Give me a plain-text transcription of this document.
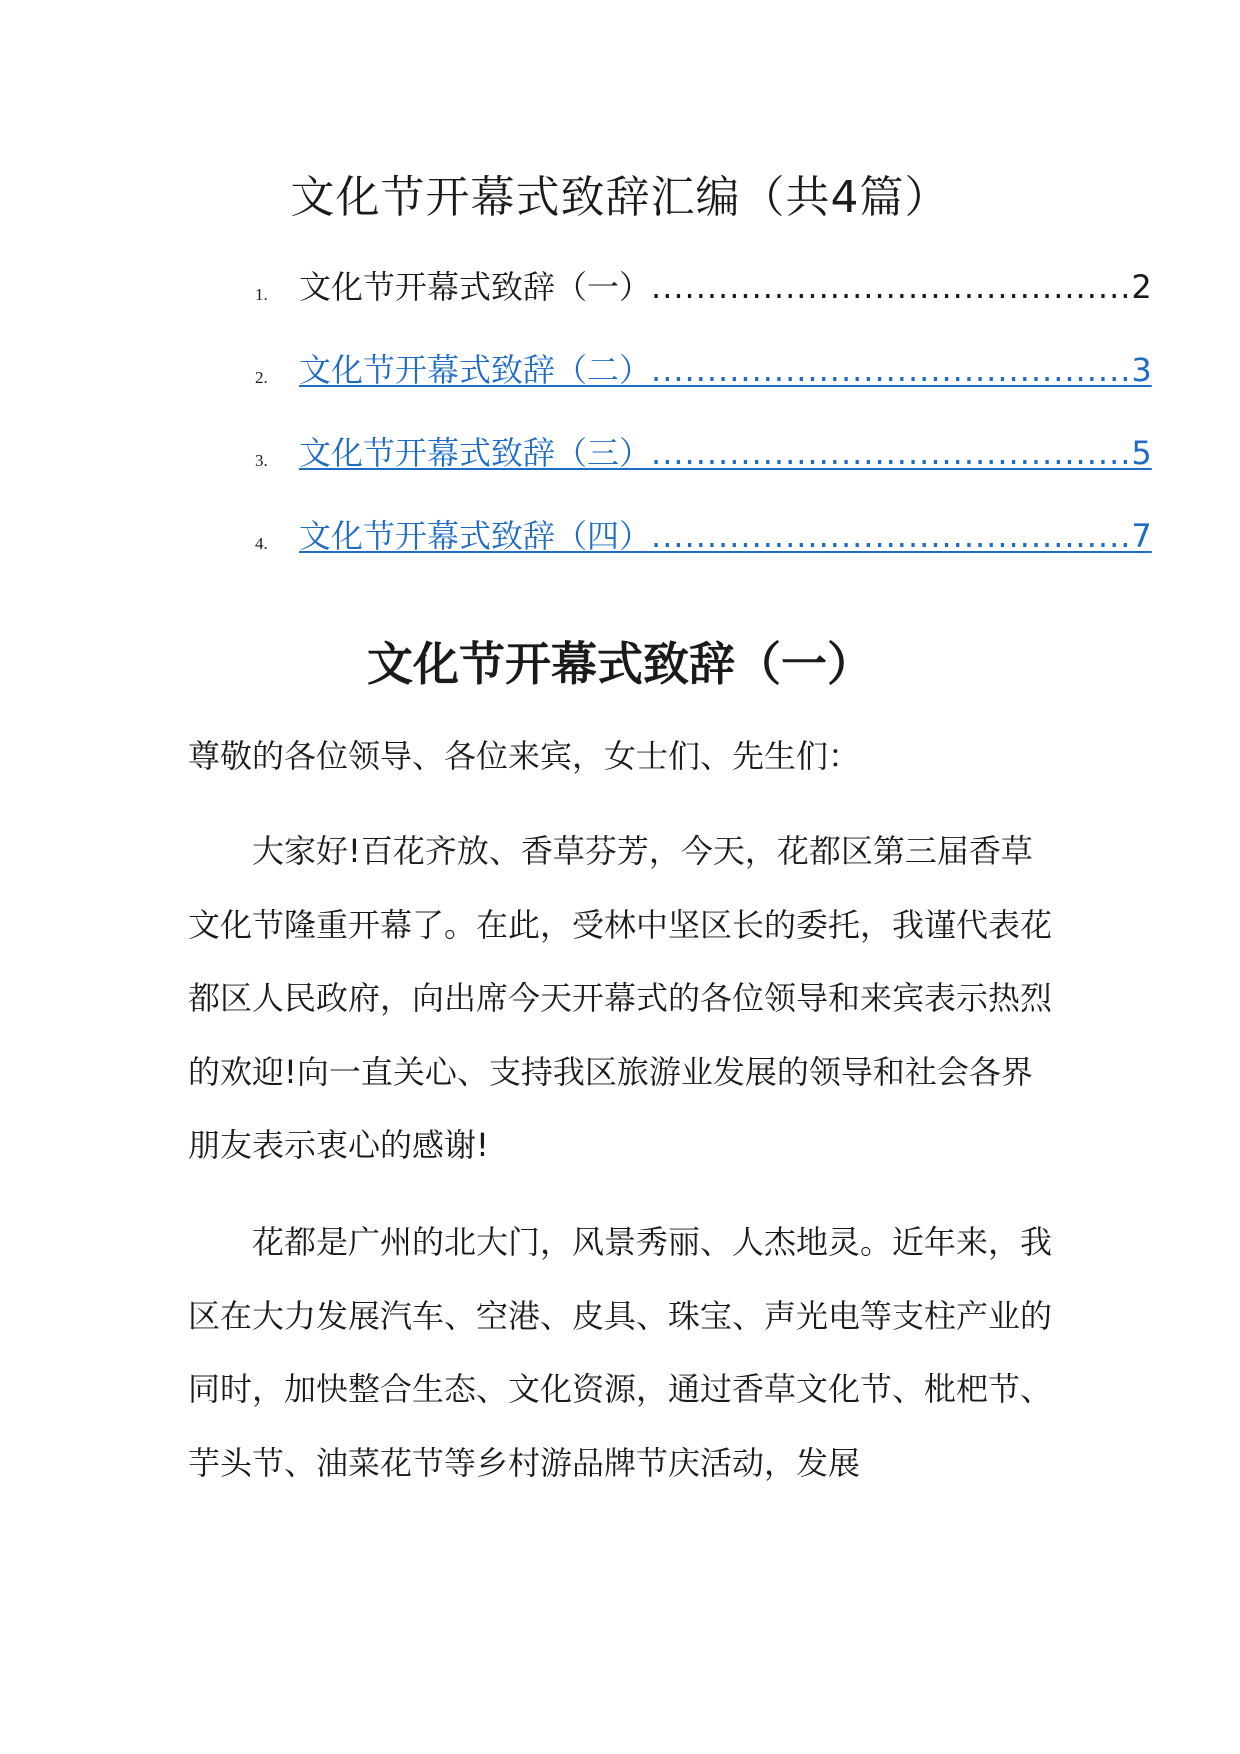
文化节开幕式致辞汇编（共4篇）
1. 文化节开幕式致辞（一） ........................................... 2
2. 文化节开幕式致辞（二） ........................................... 3
3. 文化节开幕式致辞（三） ........................................... 5
4. 文化节开幕式致辞（四） ........................................... 7
文化节开幕式致辞（一）
尊敬的各位领导、各位来宾，女士们、先生们：

大家好!百花齐放、香草芬芳，今天，花都区第三届香草文化节隆重开幕了。在此，受林中坚区长的委托，我谨代表花都区人民政府，向出席今天开幕式的各位领导和来宾表示热烈的欢迎!向一直关心、支持我区旅游业发展的领导和社会各界朋友表示衷心的感谢!

花都是广州的北大门，风景秀丽、人杰地灵。近年来，我区在大力发展汽车、空港、皮具、珠宝、声光电等支柱产业的同时，加快整合生态、文化资源，通过香草文化节、枇杷节、芋头节、油菜花节等乡村游品牌节庆活动，发展
